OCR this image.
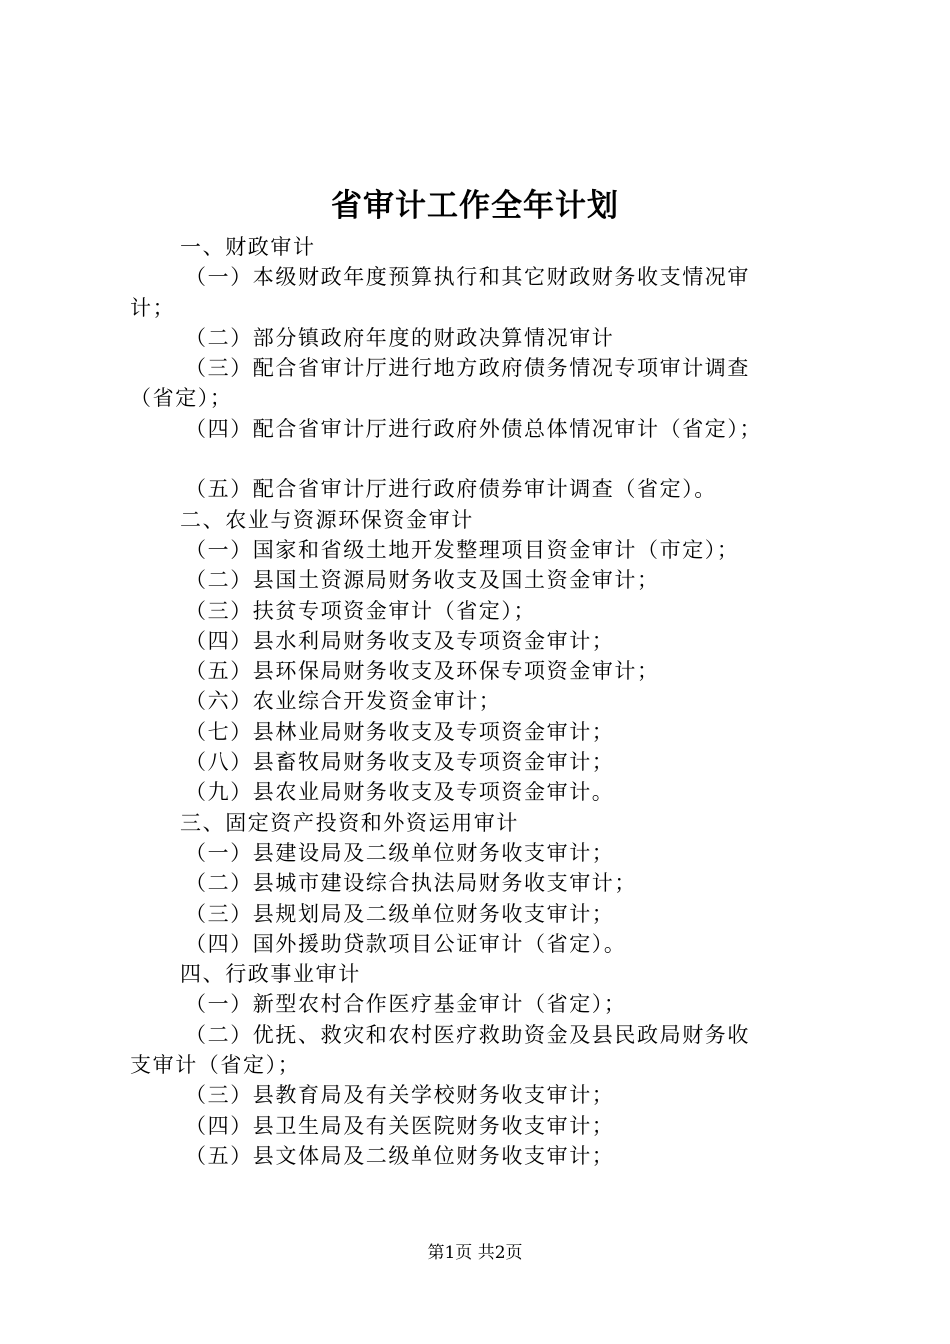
省审计工作全年计划
一、财政审计
（一）本级财政年度预算执行和其它财政财务收支情况审
计；
（二）部分镇政府年度的财政决算情况审计
（三）配合省审计厅进行地方政府债务情况专项审计调查
（省定）；
（四）配合省审计厅进行政府外债总体情况审计（省定）；
（五）配合省审计厅进行政府债券审计调查（省定）。
二、农业与资源环保资金审计
（一）国家和省级土地开发整理项目资金审计（市定）；
（二）县国土资源局财务收支及国土资金审计；
（三）扶贫专项资金审计（省定）；
（四）县水利局财务收支及专项资金审计；
（五）县环保局财务收支及环保专项资金审计；
（六）农业综合开发资金审计；
（七）县林业局财务收支及专项资金审计；
（八）县畜牧局财务收支及专项资金审计；
（九）县农业局财务收支及专项资金审计。
三、固定资产投资和外资运用审计
（一）县建设局及二级单位财务收支审计；
（二）县城市建设综合执法局财务收支审计；
（三）县规划局及二级单位财务收支审计；
（四）国外援助贷款项目公证审计（省定）。
四、行政事业审计
（一）新型农村合作医疗基金审计（省定）；
（二）优抚、救灾和农村医疗救助资金及县民政局财务收
支审计（省定）；
（三）县教育局及有关学校财务收支审计；
（四）县卫生局及有关医院财务收支审计；
（五）县文体局及二级单位财务收支审计；
第1页 共2页
